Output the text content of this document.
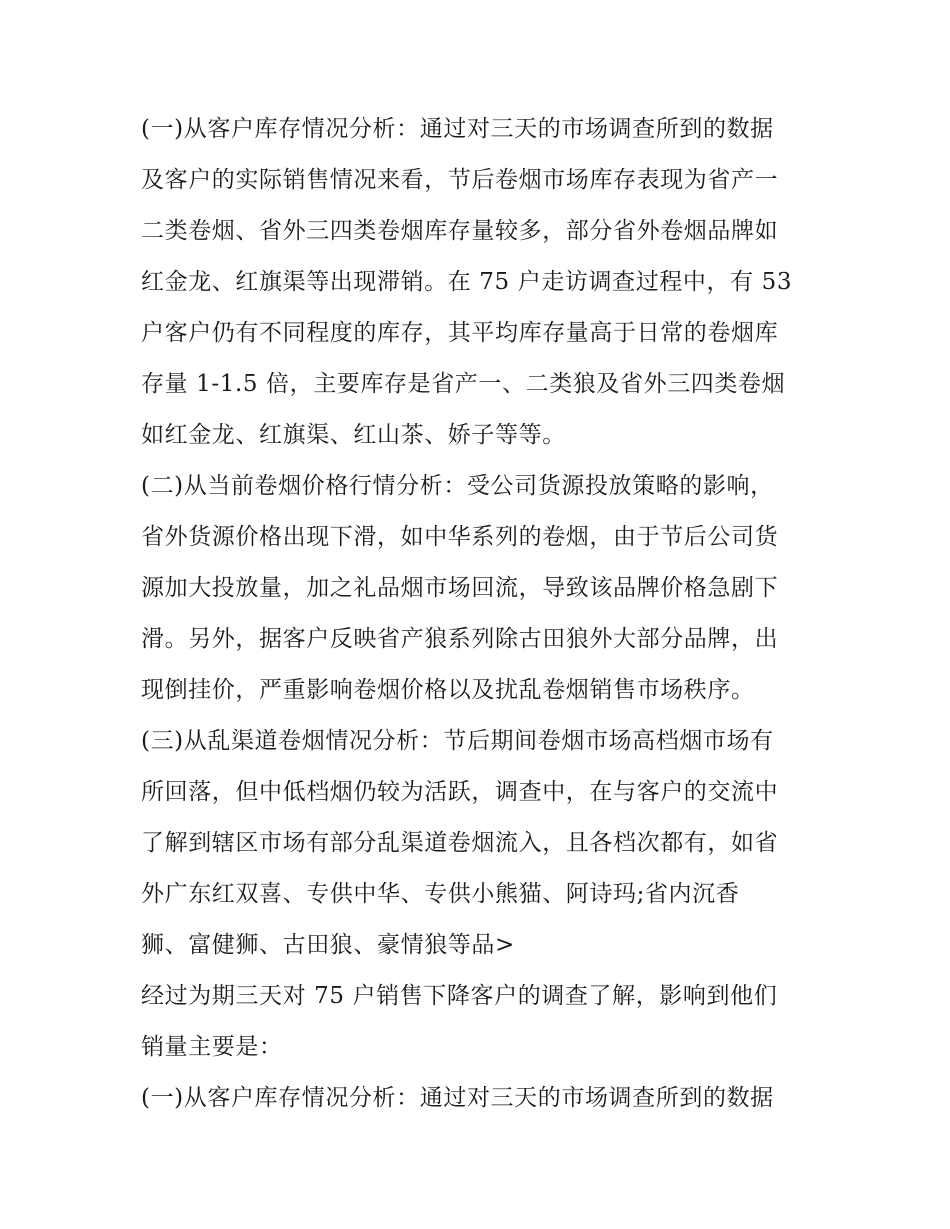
(一)从客户库存情况分析：通过对三天的市场调查所到的数据
及客户的实际销售情况来看，节后卷烟市场库存表现为省产一
二类卷烟、省外三四类卷烟库存量较多，部分省外卷烟品牌如
红金龙、红旗渠等出现滞销。在 75 户走访调查过程中，有 53
户客户仍有不同程度的库存，其平均库存量高于日常的卷烟库
存量 1-1.5 倍，主要库存是省产一、二类狼及省外三四类卷烟
如红金龙、红旗渠、红山茶、娇子等等。
(二)从当前卷烟价格行情分析：受公司货源投放策略的影响，
省外货源价格出现下滑，如中华系列的卷烟，由于节后公司货
源加大投放量，加之礼品烟市场回流，导致该品牌价格急剧下
滑。另外，据客户反映省产狼系列除古田狼外大部分品牌，出
现倒挂价，严重影响卷烟价格以及扰乱卷烟销售市场秩序。
(三)从乱渠道卷烟情况分析：节后期间卷烟市场高档烟市场有
所回落，但中低档烟仍较为活跃，调查中，在与客户的交流中
了解到辖区市场有部分乱渠道卷烟流入，且各档次都有，如省
外广东红双喜、专供中华、专供小熊猫、阿诗玛;省内沉香
狮、富健狮、古田狼、豪情狼等品>
经过为期三天对 75 户销售下降客户的调查了解，影响到他们
销量主要是：
(一)从客户库存情况分析：通过对三天的市场调查所到的数据
